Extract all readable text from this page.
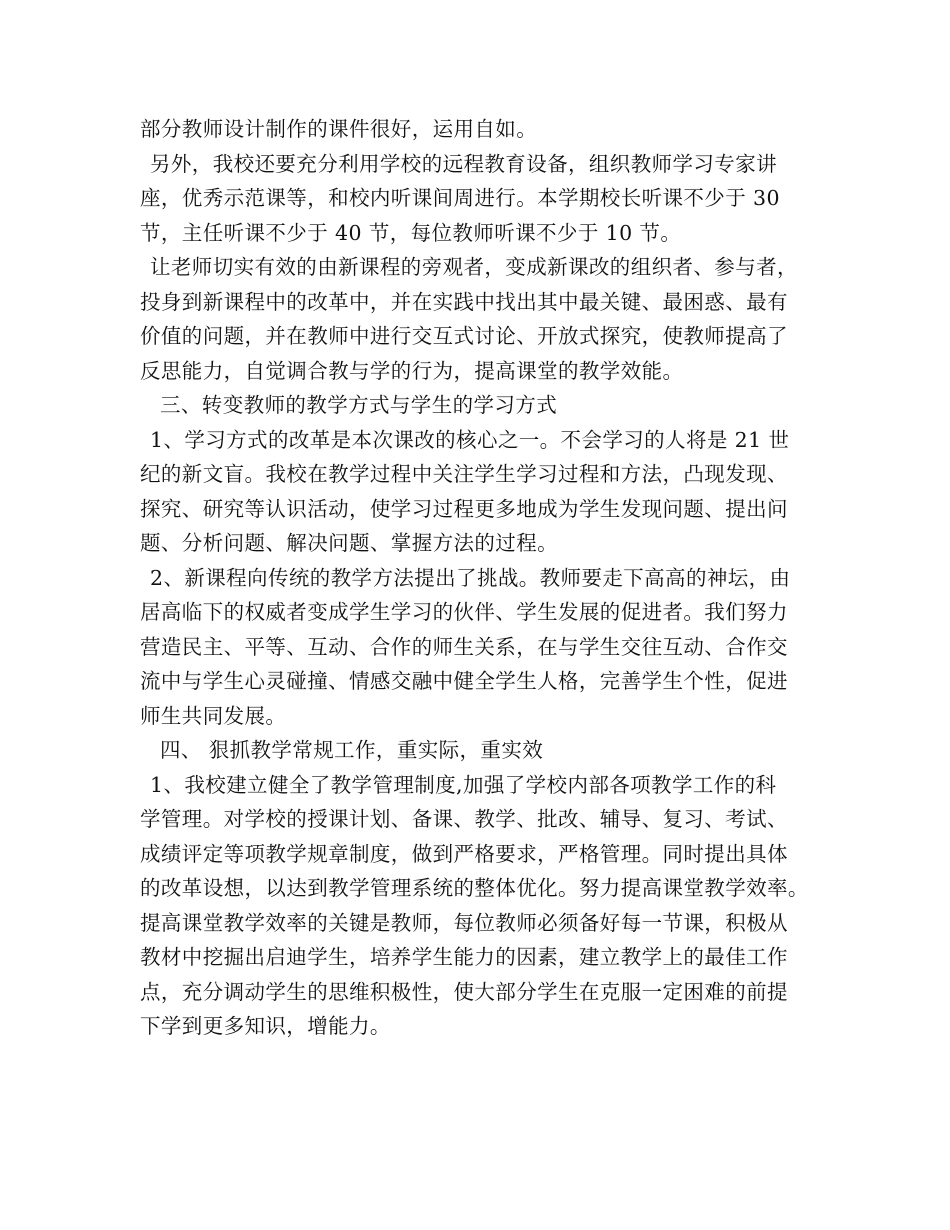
部分教师设计制作的课件很好，运用自如。
另外，我校还要充分利用学校的远程教育设备，组织教师学习专家讲
座，优秀示范课等，和校内听课间周进行。本学期校长听课不少于 30
节，主任听课不少于 40 节，每位教师听课不少于 10 节。
让老师切实有效的由新课程的旁观者，变成新课改的组织者、参与者，
投身到新课程中的改革中，并在实践中找出其中最关键、最困惑、最有
价值的问题，并在教师中进行交互式讨论、开放式探究，使教师提高了
反思能力，自觉调合教与学的行为，提高课堂的教学效能。
三、转变教师的教学方式与学生的学习方式
1、学习方式的改革是本次课改的核心之一。不会学习的人将是 21 世
纪的新文盲。我校在教学过程中关注学生学习过程和方法，凸现发现、
探究、研究等认识活动，使学习过程更多地成为学生发现问题、提出问
题、分析问题、解决问题、掌握方法的过程。
2、新课程向传统的教学方法提出了挑战。教师要走下高高的神坛，由
居高临下的权威者变成学生学习的伙伴、学生发展的促进者。我们努力
营造民主、平等、互动、合作的师生关系，在与学生交往互动、合作交
流中与学生心灵碰撞、情感交融中健全学生人格，完善学生个性，促进
师生共同发展。
四、 狠抓教学常规工作，重实际，重实效
1、我校建立健全了教学管理制度,加强了学校内部各项教学工作的科
学管理。对学校的授课计划、备课、教学、批改、辅导、复习、考试、
成绩评定等项教学规章制度，做到严格要求，严格管理。同时提出具体
的改革设想，以达到教学管理系统的整体优化。努力提高课堂教学效率。
提高课堂教学效率的关键是教师，每位教师必须备好每一节课，积极从
教材中挖掘出启迪学生，培养学生能力的因素，建立教学上的最佳工作
点，充分调动学生的思维积极性，使大部分学生在克服一定困难的前提
下学到更多知识，增能力。
